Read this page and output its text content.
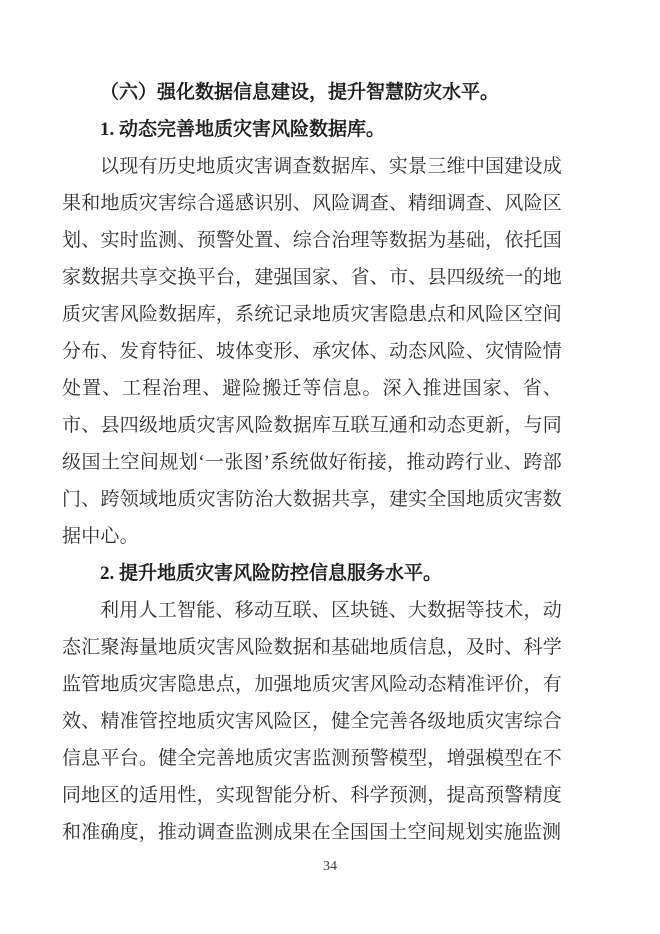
（六）强化数据信息建设，提升智慧防灾水平。

1. 动态完善地质灾害风险数据库。

以现有历史地质灾害调查数据库、实景三维中国建设成果和地质灾害综合遥感识别、风险调查、精细调查、风险区划、实时监测、预警处置、综合治理等数据为基础，依托国家数据共享交换平台，建强国家、省、市、县四级统一的地质灾害风险数据库，系统记录地质灾害隐患点和风险区空间分布、发育特征、坡体变形、承灾体、动态风险、灾情险情处置、工程治理、避险搬迁等信息。深入推进国家、省、市、县四级地质灾害风险数据库互联互通和动态更新，与同级国土空间规划‘一张图’系统做好衔接，推动跨行业、跨部门、跨领域地质灾害防治大数据共享，建实全国地质灾害数据中心。

2. 提升地质灾害风险防控信息服务水平。

利用人工智能、移动互联、区块链、大数据等技术，动态汇聚海量地质灾害风险数据和基础地质信息，及时、科学监管地质灾害隐患点，加强地质灾害风险动态精准评价，有效、精准管控地质灾害风险区，健全完善各级地质灾害综合信息平台。健全完善地质灾害监测预警模型，增强模型在不同地区的适用性，实现智能分析、科学预测，提高预警精度和准确度，推动调查监测成果在全国国土空间规划实施监测

34
